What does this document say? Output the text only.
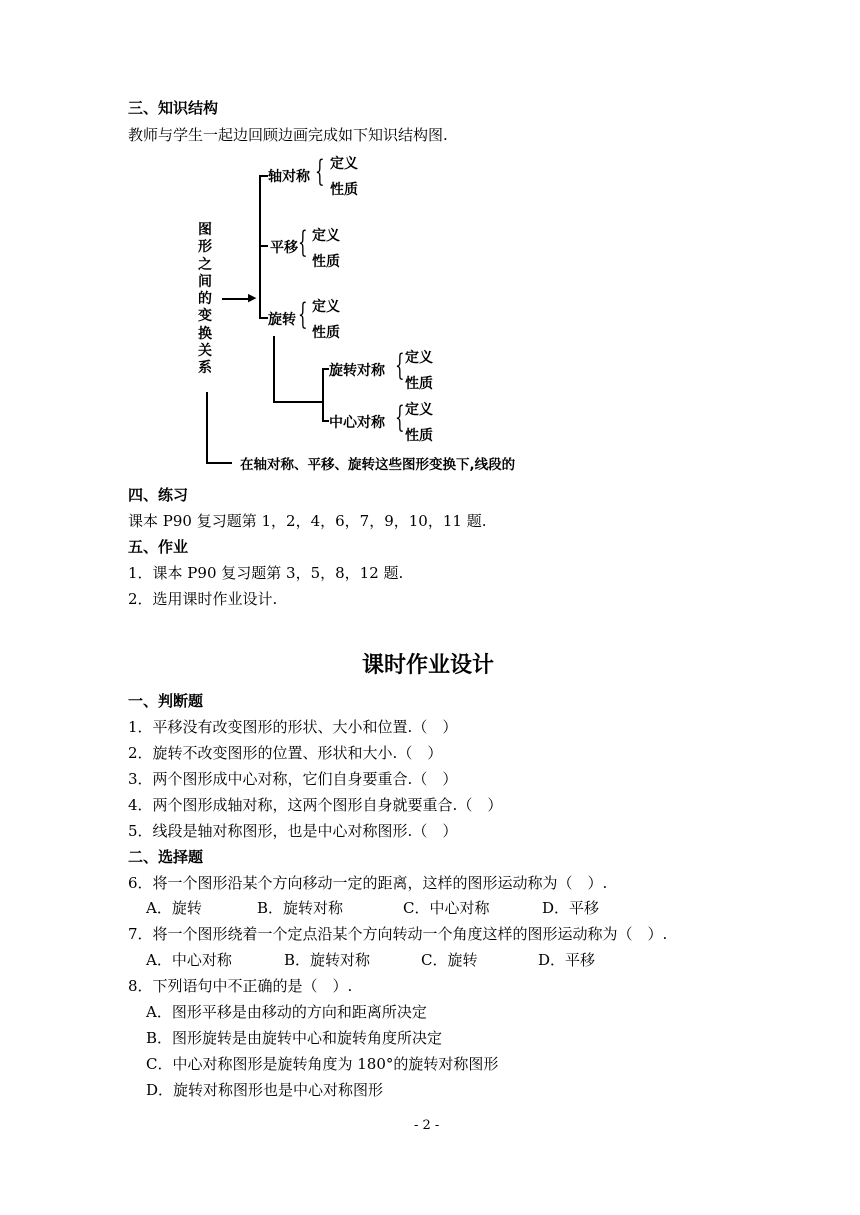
三、知识结构
教师与学生一起边回顾边画完成如下知识结构图.
图
形
之
间
的
变
换
关
系
▶
轴对称 { 定义
性质
平移 { 定义
性质
旋转 { 定义
性质
旋转对称 { 定义
性质
中心对称 { 定义
性质
在轴对称、平移、旋转这些图形变换下,线段的
四、练习
课本 P90 复习题第 1，2，4，6，7，9，10，11 题.
五、作业
1．课本 P90 复习题第 3，5，8，12 题.
2．选用课时作业设计.
课时作业设计
一、判断题
1．平移没有改变图形的形状、大小和位置.（　）
2．旋转不改变图形的位置、形状和大小.（　）
3．两个图形成中心对称，它们自身要重合.（　）
4．两个图形成轴对称，这两个图形自身就要重合.（　）
5．线段是轴对称图形，也是中心对称图形.（　）
二、选择题
6．将一个图形沿某个方向移动一定的距离，这样的图形运动称为（　）.
A．旋转	B．旋转对称	C．中心对称	D．平移
7．将一个图形绕着一个定点沿某个方向转动一个角度这样的图形运动称为（　）.
A．中心对称	B．旋转对称	C．旋转	D．平移
8．下列语句中不正确的是（　）.
A．图形平移是由移动的方向和距离所决定
B．图形旋转是由旋转中心和旋转角度所决定
C．中心对称图形是旋转角度为 180°的旋转对称图形
D．旋转对称图形也是中心对称图形
- 2 -
